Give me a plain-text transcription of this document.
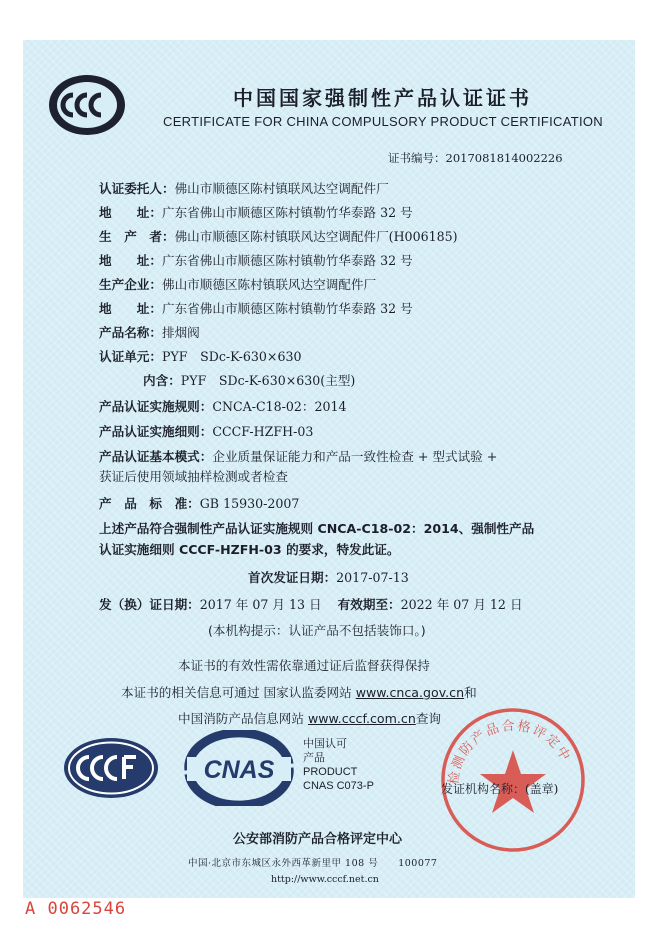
中国国家强制性产品认证证书
CERTIFICATE FOR CHINA COMPULSORY PRODUCT CERTIFICATION
证书编号：2017081814002226
认证委托人：佛山市顺德区陈村镇联风达空调配件厂
地　　址：广东省佛山市顺德区陈村镇勒竹华泰路 32 号
生　产　者：佛山市顺德区陈村镇联风达空调配件厂(H006185)
地　　址：广东省佛山市顺德区陈村镇勒竹华泰路 32 号
生产企业：佛山市顺德区陈村镇联风达空调配件厂
地　　址：广东省佛山市顺德区陈村镇勒竹华泰路 32 号
产品名称：排烟阀
认证单元：PYF　SDc-K-630×630
内含：PYF　SDc-K-630×630(主型)
产品认证实施规则：CNCA-C18-02：2014
产品认证实施细则：CCCF-HZFH-03
产品认证基本模式：企业质量保证能力和产品一致性检查 + 型式试验 +
获证后使用领域抽样检测或者检查
产　品　标　准：GB 15930-2007
上述产品符合强制性产品认证实施规则 CNCA-C18-02：2014、强制性产品
认证实施细则 CCCF-HZFH-03 的要求，特发此证。
首次发证日期：2017-07-13
发（换）证日期：2017 年 07 月 13 日 有效期至：2022 年 07 月 12 日
(本机构提示：认证产品不包括装饰口。)
本证书的有效性需依靠通过证后监督获得保持
本证书的相关信息可通过 国家认监委网站 www.cnca.gov.cn和
中国消防产品信息网站 www.cccf.com.cn查询
CNAS
中国认可
产品
PRODUCT
CNAS C073-P
检测防产品合格评定中
发证机构名称：(盖章)
公安部消防产品合格评定中心
中国·北京市东城区永外西革新里甲 108 号　　100077
http://www.cccf.net.cn
A 0062546
